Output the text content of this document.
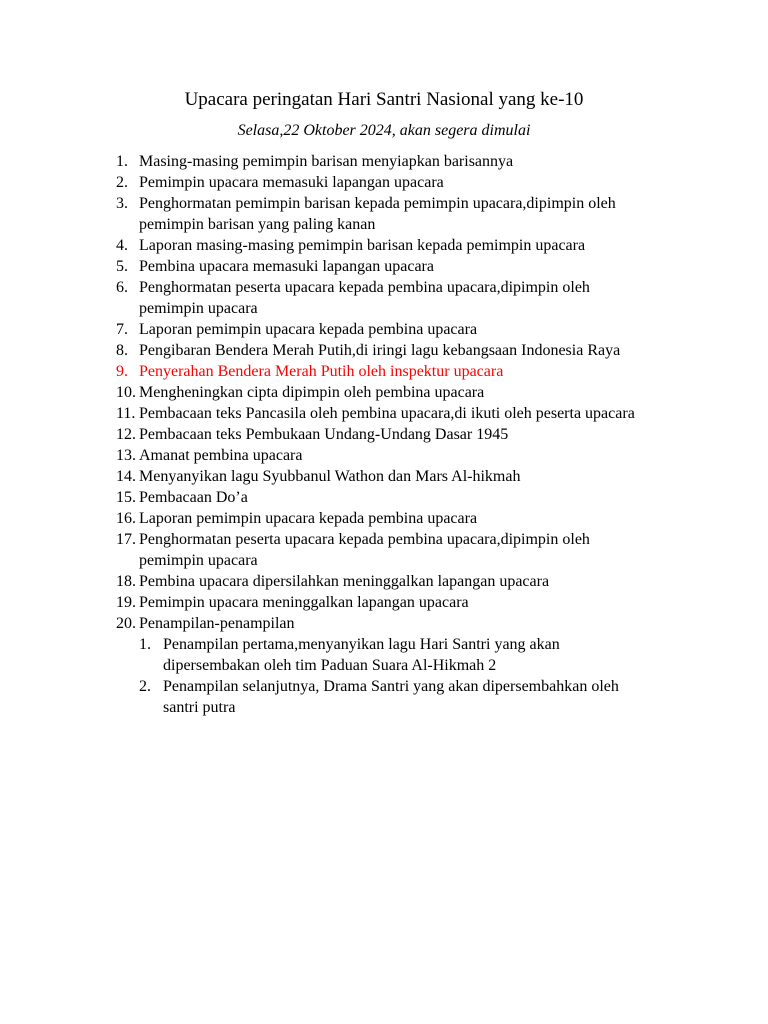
Upacara peringatan Hari Santri Nasional yang ke-10

Selasa,22 Oktober 2024, akan segera dimulai

1. Masing-masing pemimpin barisan menyiapkan barisannya
2. Pemimpin upacara memasuki lapangan upacara
3. Penghormatan pemimpin barisan kepada pemimpin upacara,dipimpin oleh pemimpin barisan yang paling kanan
4. Laporan masing-masing pemimpin barisan kepada pemimpin upacara
5. Pembina upacara memasuki lapangan upacara
6. Penghormatan peserta upacara kepada pembina upacara,dipimpin oleh pemimpin upacara
7. Laporan pemimpin upacara kepada pembina upacara
8. Pengibaran Bendera Merah Putih,di iringi lagu kebangsaan Indonesia Raya
9. Penyerahan Bendera Merah Putih oleh inspektur upacara
10. Mengheningkan cipta dipimpin oleh pembina upacara
11. Pembacaan teks Pancasila oleh pembina upacara,di ikuti oleh peserta upacara
12. Pembacaan teks Pembukaan Undang-Undang Dasar 1945
13. Amanat pembina upacara
14. Menyanyikan lagu Syubbanul Wathon dan Mars Al-hikmah
15. Pembacaan Do’a
16. Laporan pemimpin upacara kepada pembina upacara
17. Penghormatan peserta upacara kepada pembina upacara,dipimpin oleh pemimpin upacara
18. Pembina upacara dipersilahkan meninggalkan lapangan upacara
19. Pemimpin upacara meninggalkan lapangan upacara
20. Penampilan-penampilan
1. Penampilan pertama,menyanyikan lagu Hari Santri yang akan dipersembakan oleh tim Paduan Suara Al-Hikmah 2
2. Penampilan selanjutnya, Drama Santri yang akan dipersembahkan oleh santri putra
